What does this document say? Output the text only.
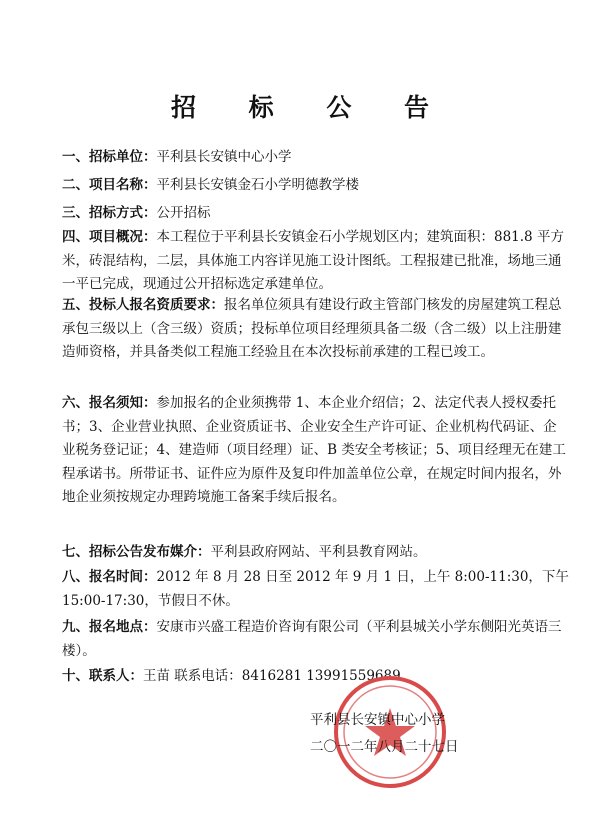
招 标 公 告
一、招标单位：平利县长安镇中心小学
二、项目名称：平利县长安镇金石小学明德教学楼
三、招标方式：公开招标
四、项目概况：本工程位于平利县长安镇金石小学规划区内；建筑面积：881.8 平方米，砖混结构，二层，具体施工内容详见施工设计图纸。工程报建已批准，场地三通一平已完成，现通过公开招标选定承建单位。
五、投标人报名资质要求：报名单位须具有建设行政主管部门核发的房屋建筑工程总承包三级以上（含三级）资质；投标单位项目经理须具备二级（含二级）以上注册建造师资格，并具备类似工程施工经验且在本次投标前承建的工程已竣工。
六、报名须知：参加报名的企业须携带 1、本企业介绍信；2、法定代表人授权委托书；3、企业营业执照、企业资质证书、企业安全生产许可证、企业机构代码证、企业税务登记证；4、建造师（项目经理）证、B 类安全考核证；5、项目经理无在建工程承诺书。所带证书、证件应为原件及复印件加盖单位公章，在规定时间内报名，外地企业须按规定办理跨境施工备案手续后报名。
七、招标公告发布媒介：平利县政府网站、平利县教育网站。
八、报名时间：2012 年 8 月 28 日至 2012 年 9 月 1 日，上午 8:00-11:30，下午 15:00-17:30，节假日不休。
九、报名地点：安康市兴盛工程造价咨询有限公司（平利县城关小学东侧阳光英语三楼）。
十、联系人：王苗 联系电话：8416281 13991559689
平利县长安镇中心小学
二〇一二年八月二十七日
